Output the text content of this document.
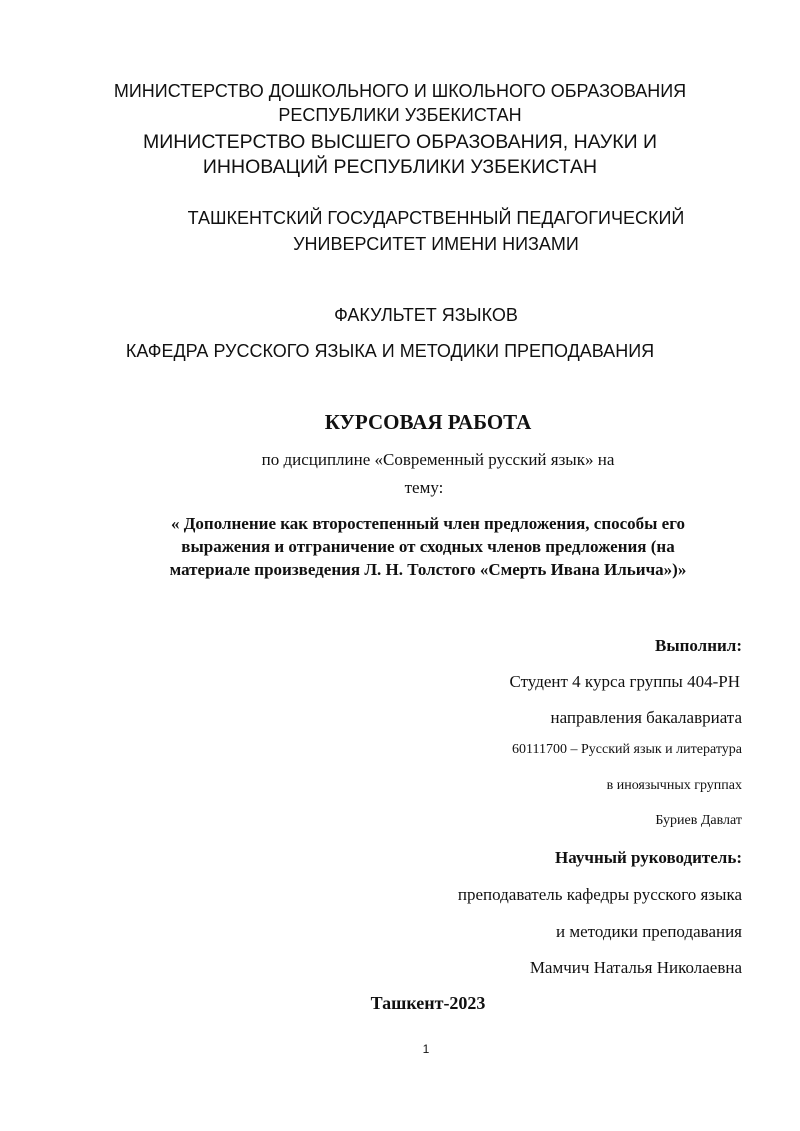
МИНИСТЕРСТВО ДОШКОЛЬНОГО И ШКОЛЬНОГО ОБРАЗОВАНИЯ
РЕСПУБЛИКИ УЗБЕКИСТАН
МИНИСТЕРСТВО ВЫСШЕГО ОБРАЗОВАНИЯ, НАУКИ И
ИННОВАЦИЙ РЕСПУБЛИКИ УЗБЕКИСТАН
ТАШКЕНТСКИЙ ГОСУДАРСТВЕННЫЙ ПЕДАГОГИЧЕСКИЙ
УНИВЕРСИТЕТ ИМЕНИ НИЗАМИ
ФАКУЛЬТЕТ ЯЗЫКОВ
КАФЕДРА РУССКОГО ЯЗЫКА И МЕТОДИКИ ПРЕПОДАВАНИЯ
КУРСОВАЯ РАБОТА
по дисциплине «Современный русский язык» на
тему:
« Дополнение как второстепенный член предложения, способы его
выражения и отграничение от сходных членов предложения (на
материале произведения Л. Н. Толстого «Смерть Ивана Ильича»)»
Выполнил:
Студент 4 курса группы 404-РН
направления бакалавриата
60111700 – Русский язык и литература
в иноязычных группах
Буриев Давлат
Научный руководитель:
преподаватель кафедры русского языка
и методики преподавания
Мамчич Наталья Николаевна
Ташкент-2023
1
